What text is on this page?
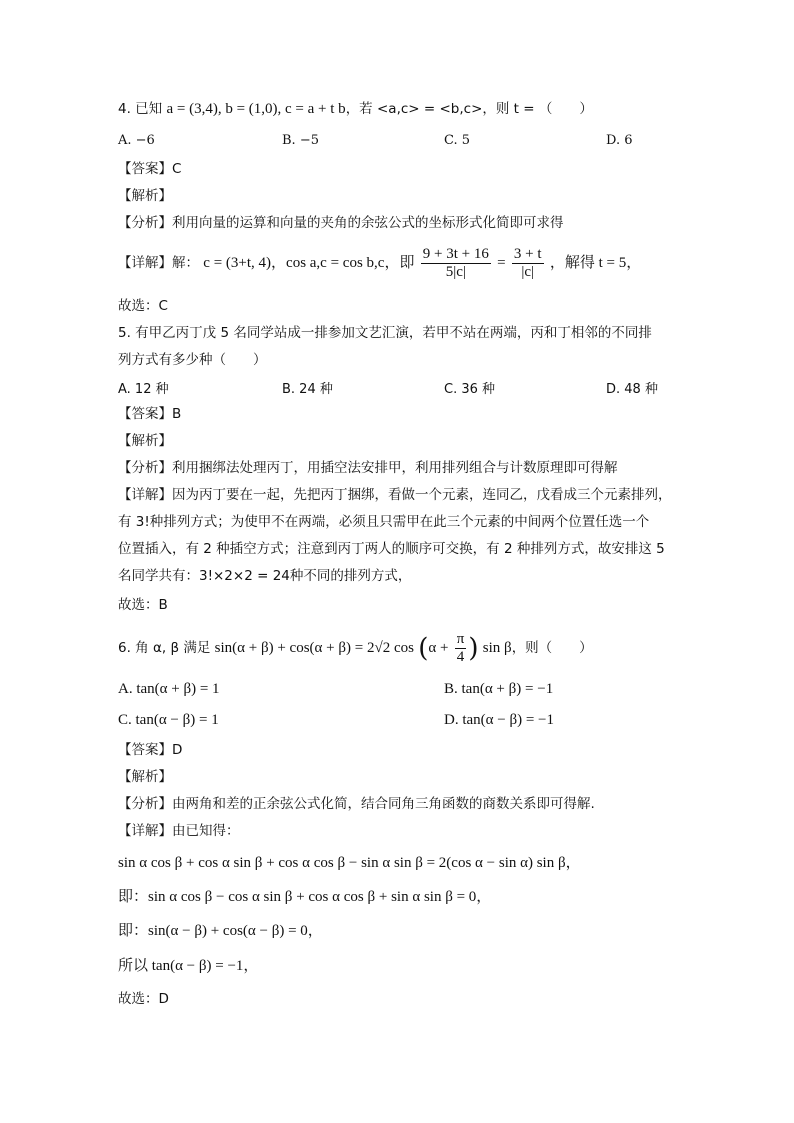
4. 已知 a = (3,4), b = (1,0), c = a + t b，若 <a,c> = <b,c>，则 t = （　　）
A. −6	B. −5	C. 5	D. 6
【答案】C
【解析】
【分析】利用向量的运算和向量的夹角的余弦公式的坐标形式化简即可求得
【详解】解： c = (3+t, 4)，cos a,c = cos b,c，即 $\frac{9 + 3t + 16}{5|c|} = \frac{3 + t}{|c|}$ ，解得 t = 5，
故选：C
5. 有甲乙丙丁戊 5 名同学站成一排参加文艺汇演，若甲不站在两端，丙和丁相邻的不同排
列方式有多少种（　　）
A. 12 种	B. 24 种	C. 36 种	D. 48 种
【答案】B
【解析】
【分析】利用捆绑法处理丙丁，用插空法安排甲，利用排列组合与计数原理即可得解
【详解】因为丙丁要在一起，先把丙丁捆绑，看做一个元素，连同乙，戊看成三个元素排列，
有 3!种排列方式；为使甲不在两端，必须且只需甲在此三个元素的中间两个位置任选一个
位置插入，有 2 种插空方式；注意到丙丁两人的顺序可交换，有 2 种排列方式，故安排这 5
名同学共有：3!×2×2 = 24种不同的排列方式，
故选：B
6. 角 α, β 满足 sin(α + β) + cos(α + β) = 2√2 $\cos (\alpha + \frac{\pi}{4}$ ) sin β，则（　　）
A. tan(α + β) = 1	B. tan(α + β) = −1
C. tan(α − β) = 1	D. tan(α − β) = −1
【答案】D
【解析】
【分析】由两角和差的正余弦公式化简，结合同角三角函数的商数关系即可得解.
【详解】由已知得：
sin α cos β + cos α sin β + cos α cos β − sin α sin β = 2(cos α − sin α) sin β，
即：sin α cos β − cos α sin β + cos α cos β + sin α sin β = 0，
即：sin(α − β) + cos(α − β) = 0，
所以 tan(α − β) = −1，
故选：D
